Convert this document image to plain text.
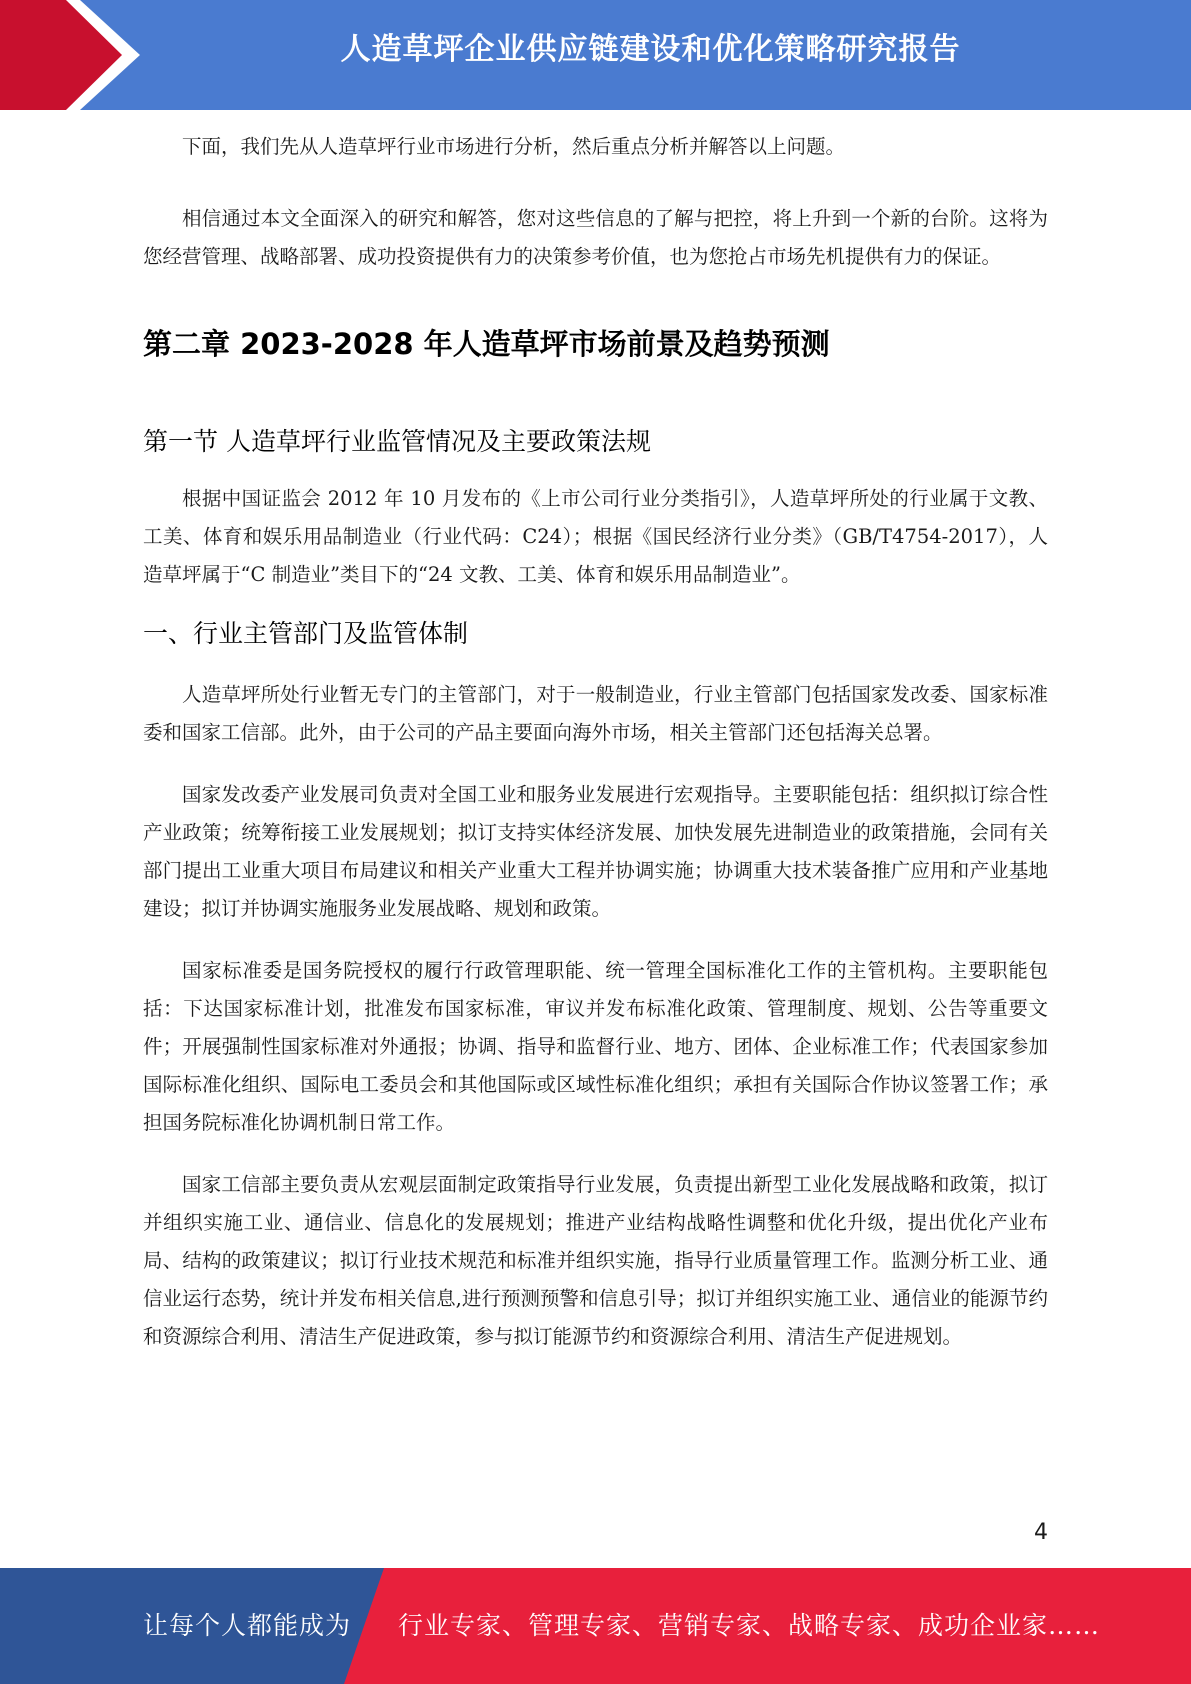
人造草坪企业供应链建设和优化策略研究报告

下面，我们先从人造草坪行业市场进行分析，然后重点分析并解答以上问题。

相信通过本文全面深入的研究和解答，您对这些信息的了解与把控，将上升到一个新的台阶。这将为您经营管理、战略部署、成功投资提供有力的决策参考价值，也为您抢占市场先机提供有力的保证。

第二章 2023-2028 年人造草坪市场前景及趋势预测
第一节 人造草坪行业监管情况及主要政策法规

根据中国证监会 2012 年 10 月发布的《上市公司行业分类指引》，人造草坪所处的行业属于文教、工美、体育和娱乐用品制造业（行业代码：C24）；根据《国民经济行业分类》（GB/T4754-2017），人造草坪属于“C 制造业”类目下的“24 文教、工美、体育和娱乐用品制造业”。

一、行业主管部门及监管体制

人造草坪所处行业暂无专门的主管部门，对于一般制造业，行业主管部门包括国家发改委、国家标准委和国家工信部。此外，由于公司的产品主要面向海外市场，相关主管部门还包括海关总署。

国家发改委产业发展司负责对全国工业和服务业发展进行宏观指导。主要职能包括：组织拟订综合性产业政策；统筹衔接工业发展规划；拟订支持实体经济发展、加快发展先进制造业的政策措施，会同有关部门提出工业重大项目布局建议和相关产业重大工程并协调实施；协调重大技术装备推广应用和产业基地建设；拟订并协调实施服务业发展战略、规划和政策。

国家标准委是国务院授权的履行行政管理职能、统一管理全国标准化工作的主管机构。主要职能包括：下达国家标准计划，批准发布国家标准，审议并发布标准化政策、管理制度、规划、公告等重要文件；开展强制性国家标准对外通报；协调、指导和监督行业、地方、团体、企业标准工作；代表国家参加国际标准化组织、国际电工委员会和其他国际或区域性标准化组织；承担有关国际合作协议签署工作；承担国务院标准化协调机制日常工作。

国家工信部主要负责从宏观层面制定政策指导行业发展，负责提出新型工业化发展战略和政策，拟订并组织实施工业、通信业、信息化的发展规划；推进产业结构战略性调整和优化升级，提出优化产业布局、结构的政策建议；拟订行业技术规范和标准并组织实施，指导行业质量管理工作。监测分析工业、通信业运行态势，统计并发布相关信息,进行预测预警和信息引导；拟订并组织实施工业、通信业的能源节约和资源综合利用、清洁生产促进政策，参与拟订能源节约和资源综合利用、清洁生产促进规划。

4
让每个人都能成为 行业专家、管理专家、营销专家、战略专家、成功企业家……
